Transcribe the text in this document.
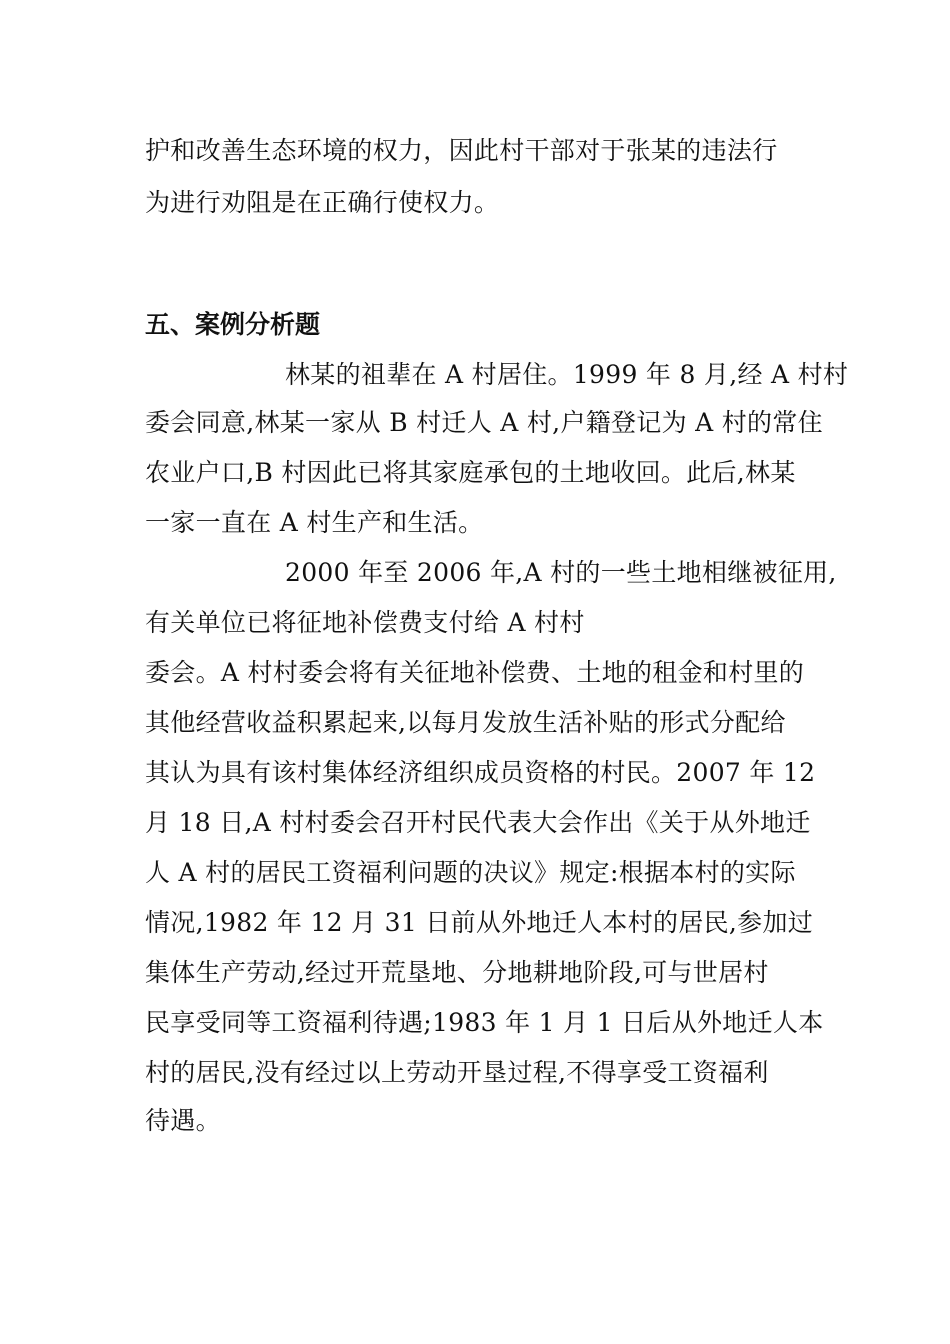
护和改善生态环境的权力，因此村干部对于张某的违法行
为进行劝阻是在正确行使权力。
五、案例分析题
林某的祖辈在 A 村居住。1999 年 8 月,经 A 村村
委会同意,林某一家从 B 村迁人 A 村,户籍登记为 A 村的常住
农业户口,B 村因此已将其家庭承包的土地收回。此后,林某
一家一直在 A 村生产和生活。
2000 年至 2006 年,A 村的一些土地相继被征用,
有关单位已将征地补偿费支付给 A 村村
委会。A 村村委会将有关征地补偿费、土地的租金和村里的
其他经营收益积累起来,以每月发放生活补贴的形式分配给
其认为具有该村集体经济组织成员资格的村民。2007 年 12
月 18 日,A 村村委会召开村民代表大会作出《关于从外地迁
人 A 村的居民工资福利问题的决议》规定:根据本村的实际
情况,1982 年 12 月 31 日前从外地迁人本村的居民,参加过
集体生产劳动,经过开荒垦地、分地耕地阶段,可与世居村
民享受同等工资福利待遇;1983 年 1 月 1 日后从外地迁人本
村的居民,没有经过以上劳动开垦过程,不得享受工资福利
待遇。
